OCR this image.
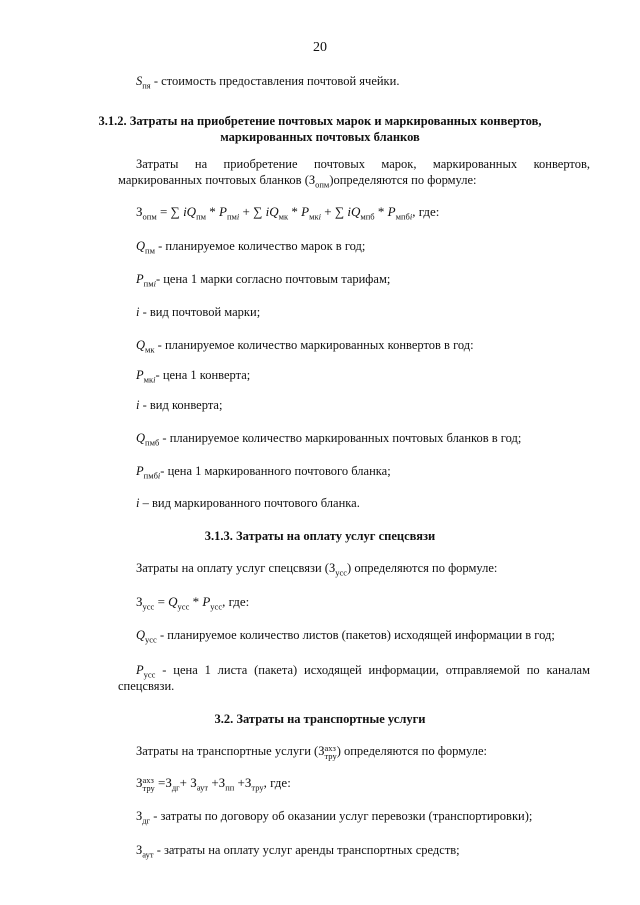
20
$S_{пя}$ - стоимость предоставления почтовой ячейки.
3.1.2. Затраты на приобретение почтовых марок и маркированных конвертов,
маркированных почтовых бланков
Затраты на приобретение почтовых марок, маркированных конвертов,
маркированных почтовых бланков $(З_{опм})определяются$ по формуле:
$З_{опм}$ = ∑ $iQ_{пм} * P_{пмi}$ + ∑ $iQ_{мк} * P_{мкi}$ + ∑ $iQ_{мпб} * P_{мпбi}$, где:
$Q_{пм}$ - планируемое количество марок в год;
$P_{пмi}-$ цена 1 марки согласно почтовым тарифам;
i - вид почтовой марки;
$Q_{мк}$ - планируемое количество маркированных конвертов в год:
$P_{мкi}-$ цена 1 конверта;
i - вид конверта;
$Q_{пмб}$ - планируемое количество маркированных почтовых бланков в год;
$P_{пмбi}-$ цена 1 маркированного почтового бланка;
i – вид маркированного почтового бланка.
3.1.3. Затраты на оплату услуг спецсвязи
Затраты на оплату услуг спецсвязи $(З_{усс})$ определяются по формуле:
$З_{усс} = Q_{усс} * P_{усс}$, где:
$Q_{усс}$ - планируемое количество листов (пакетов) исходящей информации в год;
$P_{усс}$ - цена 1 листа (пакета) исходящей информации, отправляемой по каналам
спецсвязи.
3.2. Затраты на транспортные услуги
Затраты на транспортные услуги (З axз
тру ) определяются по формуле:
З axз
тру $=З_{дг}+ З_{аут} +З_{пп} +З_{тру}$, где:
$З_{дг}$ - затраты по договору об оказании услуг перевозки (транспортировки);
$З_{аут}$ - затраты на оплату услуг аренды транспортных средств;
